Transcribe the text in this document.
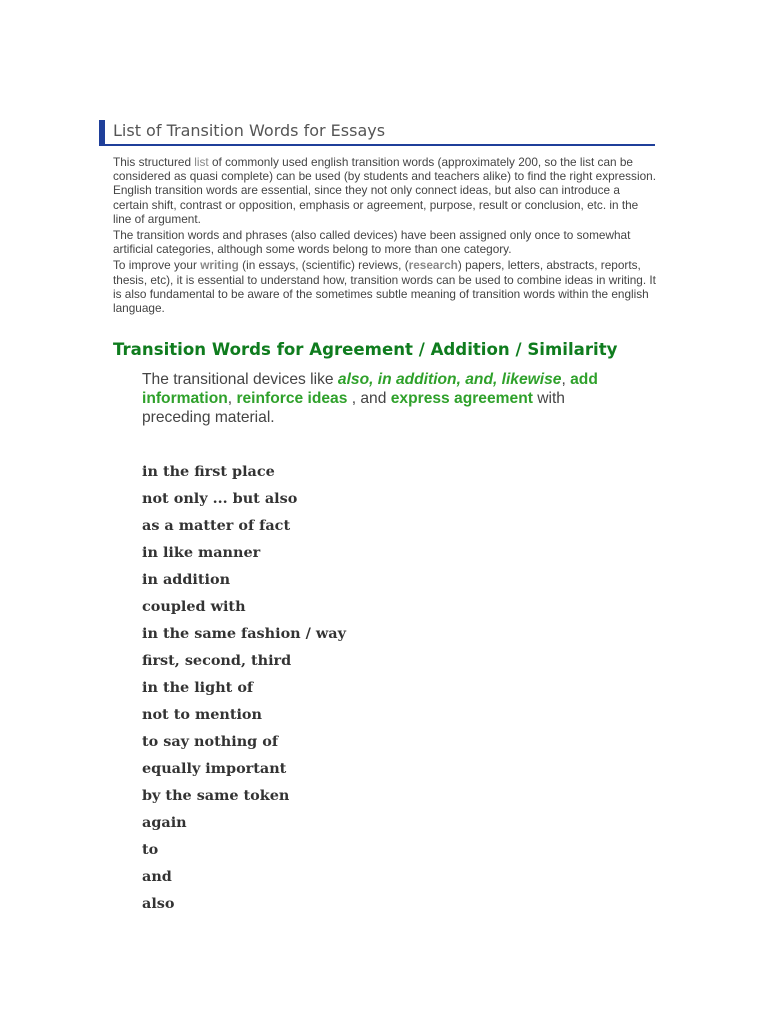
List of Transition Words for Essays

This structured list of commonly used english transition words (approximately 200, so the list can be considered as quasi complete) can be used (by students and teachers alike) to find the right expression. English transition words are essential, since they not only connect ideas, but also can introduce a certain shift, contrast or opposition, emphasis or agreement, purpose, result or conclusion, etc. in the line of argument.

The transition words and phrases (also called devices) have been assigned only once to somewhat artificial categories, although some words belong to more than one category.

To improve your writing (in essays, (scientific) reviews, (research) papers, letters, abstracts, reports, thesis, etc), it is essential to understand how, transition words can be used to combine ideas in writing. It is also fundamental to be aware of the sometimes subtle meaning of transition words within the english language.

Transition Words for Agreement / Addition / Similarity
The transitional devices like also, in addition, and, likewise, add information, reinforce ideas , and express agreement with preceding material.
in the first place
not only ... but also
as a matter of fact
in like manner
in addition
coupled with
in the same fashion / way
first, second, third
in the light of
not to mention
to say nothing of
equally important
by the same token
again
to
and
also
